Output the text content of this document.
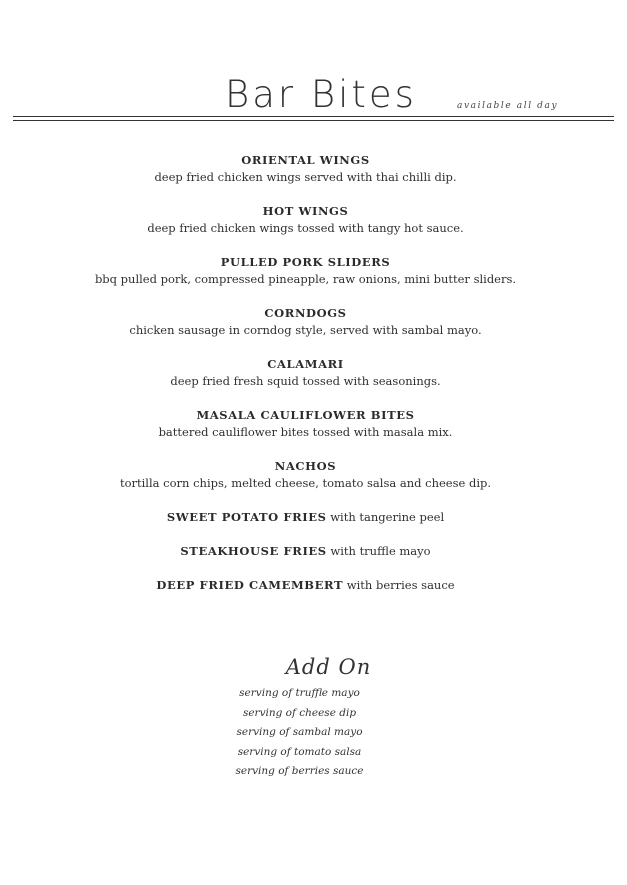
Bar Bites	available all day
ORIENTAL WINGS
deep fried chicken wings served with thai chilli dip.
HOT WINGS
deep fried chicken wings tossed with tangy hot sauce.
PULLED PORK SLIDERS
bbq pulled pork, compressed pineapple, raw onions, mini butter sliders.
CORNDOGS
chicken sausage in corndog style, served with sambal mayo.
CALAMARI
deep fried fresh squid tossed with seasonings.
MASALA CAULIFLOWER BITES
battered cauliflower bites tossed with masala mix.
NACHOS
tortilla corn chips, melted cheese, tomato salsa and cheese dip.
SWEET POTATO FRIES with tangerine peel
STEAKHOUSE FRIES with truffle mayo
DEEP FRIED CAMEMBERT with berries sauce
Add On
serving of truffle mayo
serving of cheese dip
serving of sambal mayo
serving of tomato salsa
serving of berries sauce
